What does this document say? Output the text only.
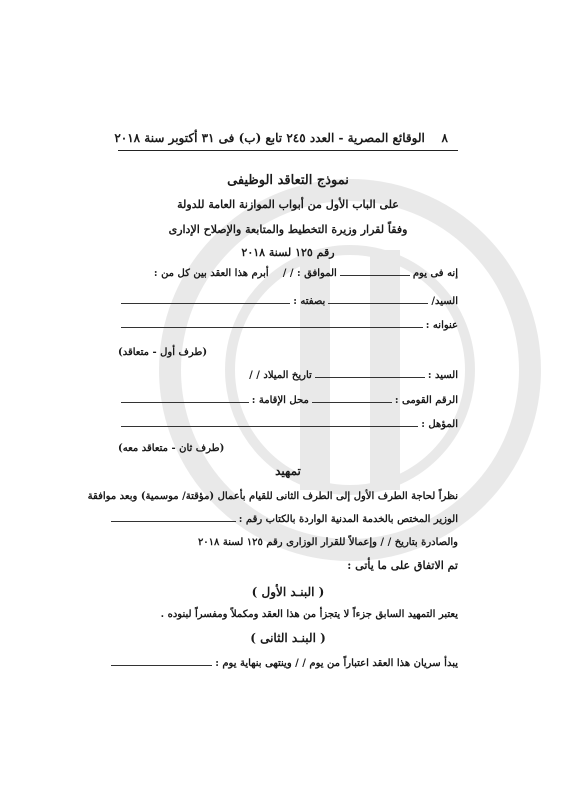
٨    الوقائع المصرية - العدد ٢٤٥ تابع (ب) فى ٣١ أكتوبر سنة ٢٠١٨
نموذج التعاقد الوظيفى
على الباب الأول من أبواب الموازنة العامة للدولة
وفقاً لقرار وزيرة التخطيط والمتابعة والإصلاح الإدارى
رقم ١٢٥ لسنة ٢٠١٨
إنه فى يوم
الموافق : / /
أبرم هذا العقد بين كل من :
السيد/
بصفته :
عنوانه :
(طرف أول - متعاقد)
السيد :
تاريخ الميلاد / /
الرقم القومى :
محل الإقامة :
المؤهل :
(طرف ثان - متعاقد معه)
تمهيد
نظراً لحاجة الطرف الأول إلى الطرف الثانى للقيام بأعمال (مؤقتة/ موسمية) وبعد موافقة
الوزير المختص بالخدمة المدنية الواردة بالكتاب رقم :
والصادرة بتاريخ / / وإعمالاً للقرار الوزارى رقم ١٢٥ لسنة ٢٠١٨
تم الاتفاق على ما يأتى :
( البنـد الأول )
يعتبر التمهيد السابق جزءاً لا يتجزأ من هذا العقد ومكملاً ومفسراً لبنوده .
( البنـد الثانى )
يبدأ سريان هذا العقد اعتباراً من يوم / / وينتهى بنهاية يوم :
